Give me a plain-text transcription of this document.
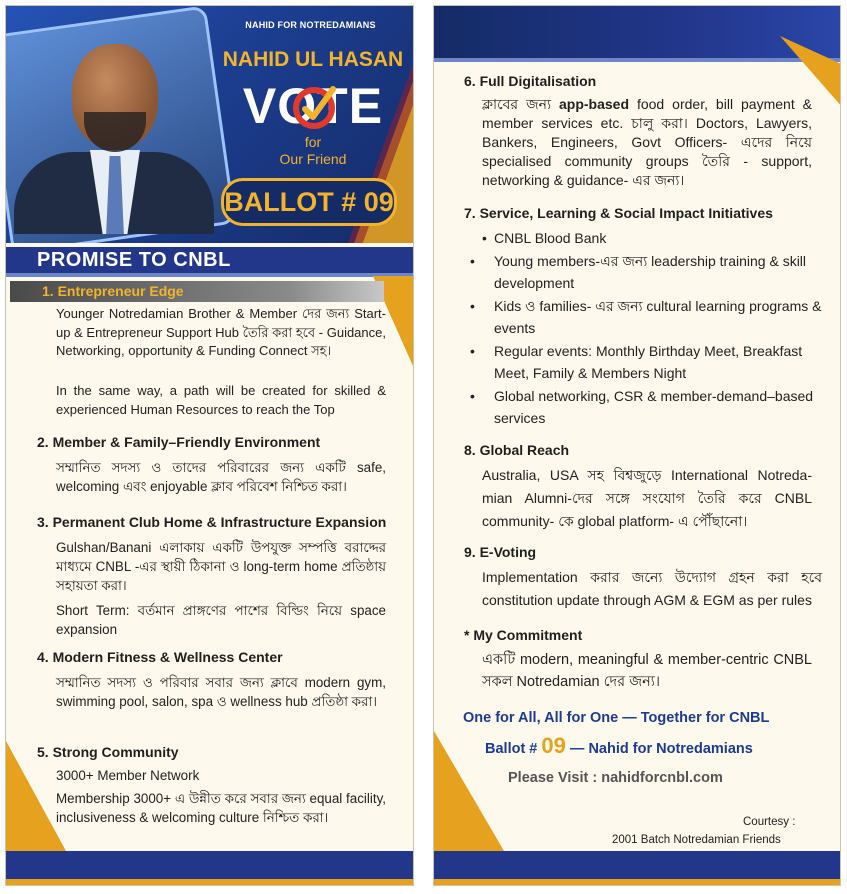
NAHID FOR NOTREDAMIANS
NAHID UL HASAN
VOTE
for
Our Friend
BALLOT # 09
PROMISE TO CNBL
1. Entrepreneur Edge
Younger Notredamian Brother & Member দের জন্য Start-up & Entrepreneur Support Hub তৈরি করা হবে - Guidance, Networking, opportunity & Funding Connect সহ।
In the same way, a path will be created for skilled & experienced Human Resources to reach the Top
2. Member & Family–Friendly Environment
সম্মানিত সদস্য ও তাদের পরিবারের জন্য একটি safe, welcoming এবং enjoyable ক্লাব পরিবেশ নিশ্চিত করা।
3. Permanent Club Home & Infrastructure Expansion
Gulshan/Banani এলাকায় একটি উপযুক্ত সম্পত্তি বরাদ্দের মাধ্যমে CNBL -এর স্থায়ী ঠিকানা ও long-term home প্রতিষ্ঠায় সহায়তা করা।
Short Term: বর্তমান প্রাঙ্গণের পাশের বিল্ডিং নিয়ে space expansion
4. Modern Fitness & Wellness Center
সম্মানিত সদস্য ও পরিবার সবার জন্য ক্লাবে modern gym, swimming pool, salon, spa ও wellness hub প্রতিষ্ঠা করা।
5. Strong Community
3000+ Member Network
Membership 3000+ এ উন্নীত করে সবার জন্য equal facility, inclusiveness & welcoming culture নিশ্চিত করা।
6. Full Digitalisation
ক্লাবের জন্য app-based food order, bill payment & member services etc. চালু করা। Doctors, Lawyers, Bankers, Engineers, Govt Officers- এদের নিয়ে specialised community groups তৈরি - support, networking & guidance- এর জন্য।
7. Service, Learning & Social Impact Initiatives
• CNBL Blood Bank
• Young members-এর জন্য leadership training & skill development
• Kids ও families- এর জন্য cultural learning programs & events
• Regular events: Monthly Birthday Meet, Breakfast Meet, Family & Members Night
• Global networking, CSR & member-demand–based services
8. Global Reach
Australia, USA সহ বিশ্বজুড়ে International Notreda-mian Alumni-দের সঙ্গে সংযোগ তৈরি করে CNBL community- কে global platform- এ পৌঁছানো।
9. E-Voting
Implementation করার জন্যে উদ্যোগ গ্রহন করা হবে constitution update through AGM & EGM as per rules
* My Commitment
একটি modern, meaningful & member-centric CNBL সকল Notredamian দের জন্য।
One for All, All for One — Together for CNBL
Ballot # 09 — Nahid for Notredamians
Please Visit : nahidforcnbl.com
Courtesy :
2001 Batch Notredamian Friends
